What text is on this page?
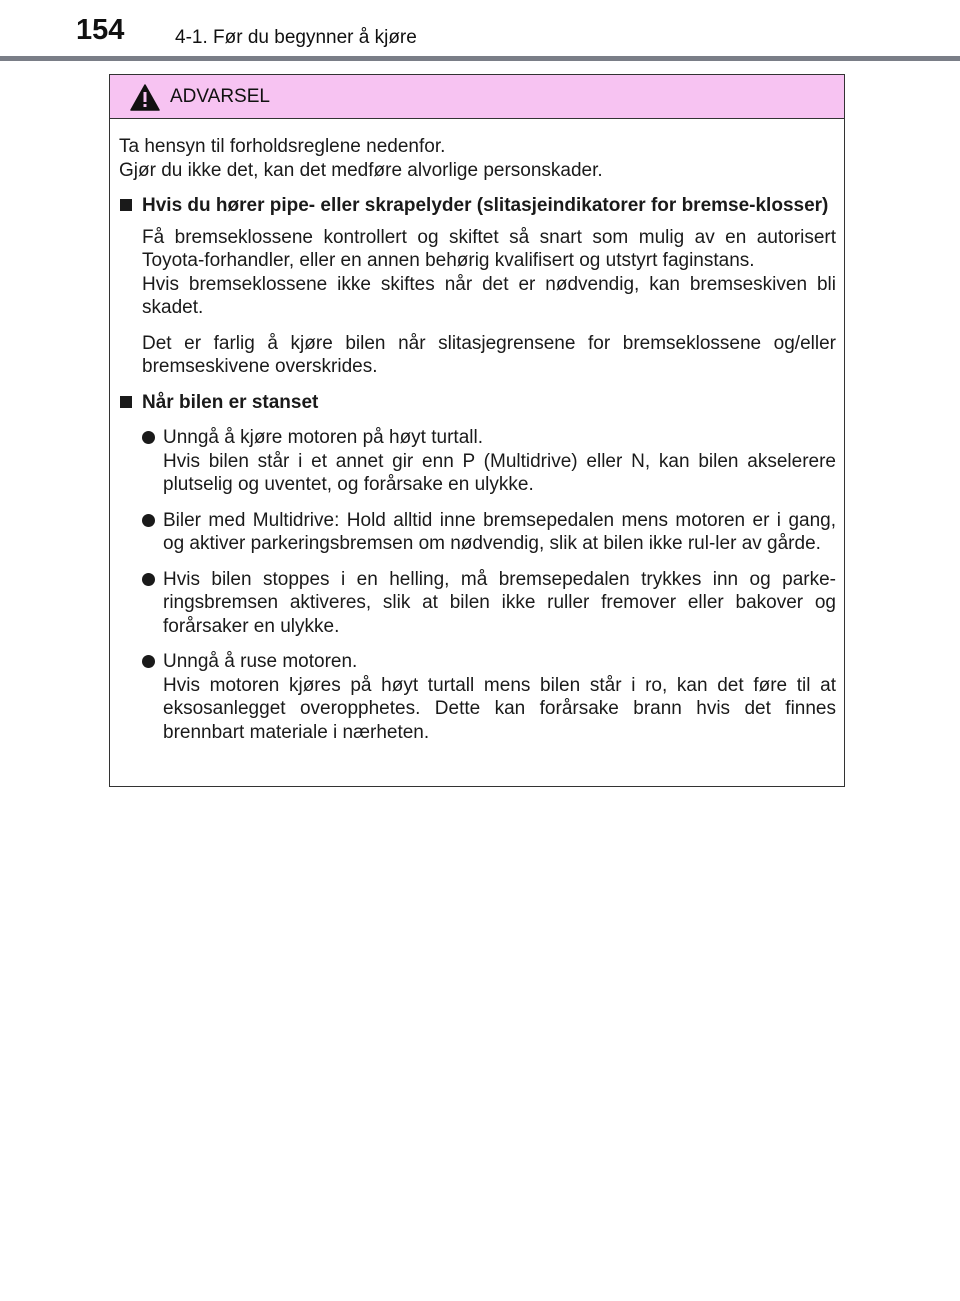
154	4-1. Før du begynner å kjøre
ADVARSEL

Ta hensyn til forholdsreglene nedenfor.

Gjør du ikke det, kan det medføre alvorlige personskader.

Hvis du hører pipe- eller skrapelyder (slitasjeindikatorer for bremse-klosser)
Få bremseklossene kontrollert og skiftet så snart som mulig av en autorisert Toyota-forhandler, eller en annen behørig kvalifisert og utstyrt faginstans.
Hvis bremseklossene ikke skiftes når det er nødvendig, kan bremseskiven bli skadet.
Det er farlig å kjøre bilen når slitasjegrensene for bremseklossene og/eller bremseskivene overskrides.
Når bilen er stanset
Unngå å kjøre motoren på høyt turtall.
Hvis bilen står i et annet gir enn P (Multidrive) eller N, kan bilen akselerere plutselig og uventet, og forårsake en ulykke.
Biler med Multidrive: Hold alltid inne bremsepedalen mens motoren er i gang, og aktiver parkeringsbremsen om nødvendig, slik at bilen ikke rul-ler av gårde.
Hvis bilen stoppes i en helling, må bremsepedalen trykkes inn og parke-ringsbremsen aktiveres, slik at bilen ikke ruller fremover eller bakover og forårsaker en ulykke.
Unngå å ruse motoren.
Hvis motoren kjøres på høyt turtall mens bilen står i ro, kan det føre til at eksosanlegget overopphetes. Dette kan forårsake brann hvis det finnes brennbart materiale i nærheten.
